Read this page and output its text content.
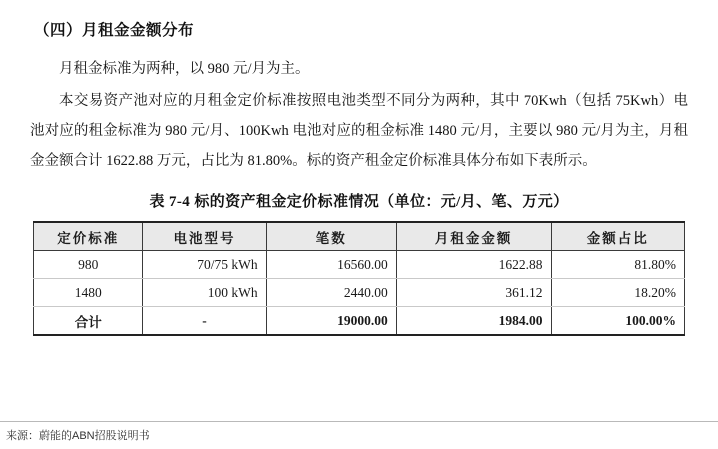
（四）月租金金额分布

月租金标准为两种，以 980 元/月为主。

本交易资产池对应的月租金定价标准按照电池类型不同分为两种，其中 70Kwh（包括 75Kwh）电池对应的租金标准为 980 元/月、100Kwh 电池对应的租金标准 1480 元/月，主要以 980 元/月为主，月租金金额合计 1622.88 万元，占比为 81.80%。标的资产租金定价标准具体分布如下表所示。

表 7-4 标的资产租金定价标准情况（单位：元/月、笔、万元）
定价标准	电池型号	笔数	月租金金额	金额占比
980	70/75 kWh	16560.00	1622.88	81.80%
1480	100 kWh	2440.00	361.12	18.20%
合计	-	19000.00	1984.00	100.00%
来源：蔚能的ABN招股说明书
